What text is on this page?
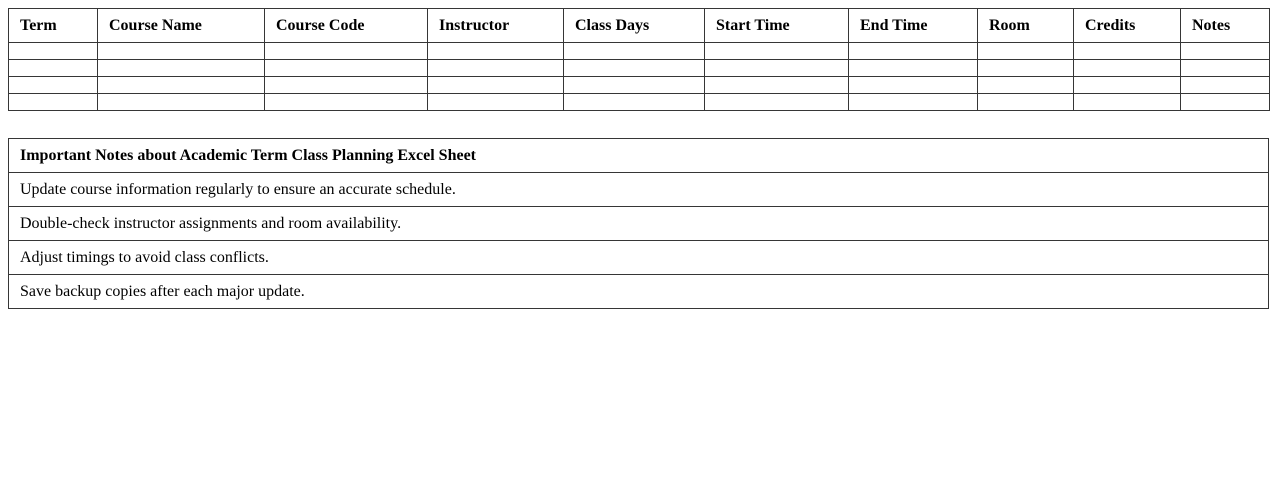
Term	Course Name	Course Code	Instructor	Class Days	Start Time	End Time	Room	Credits	Notes

Important Notes about Academic Term Class Planning Excel Sheet
Update course information regularly to ensure an accurate schedule.
Double-check instructor assignments and room availability.
Adjust timings to avoid class conflicts.
Save backup copies after each major update.
